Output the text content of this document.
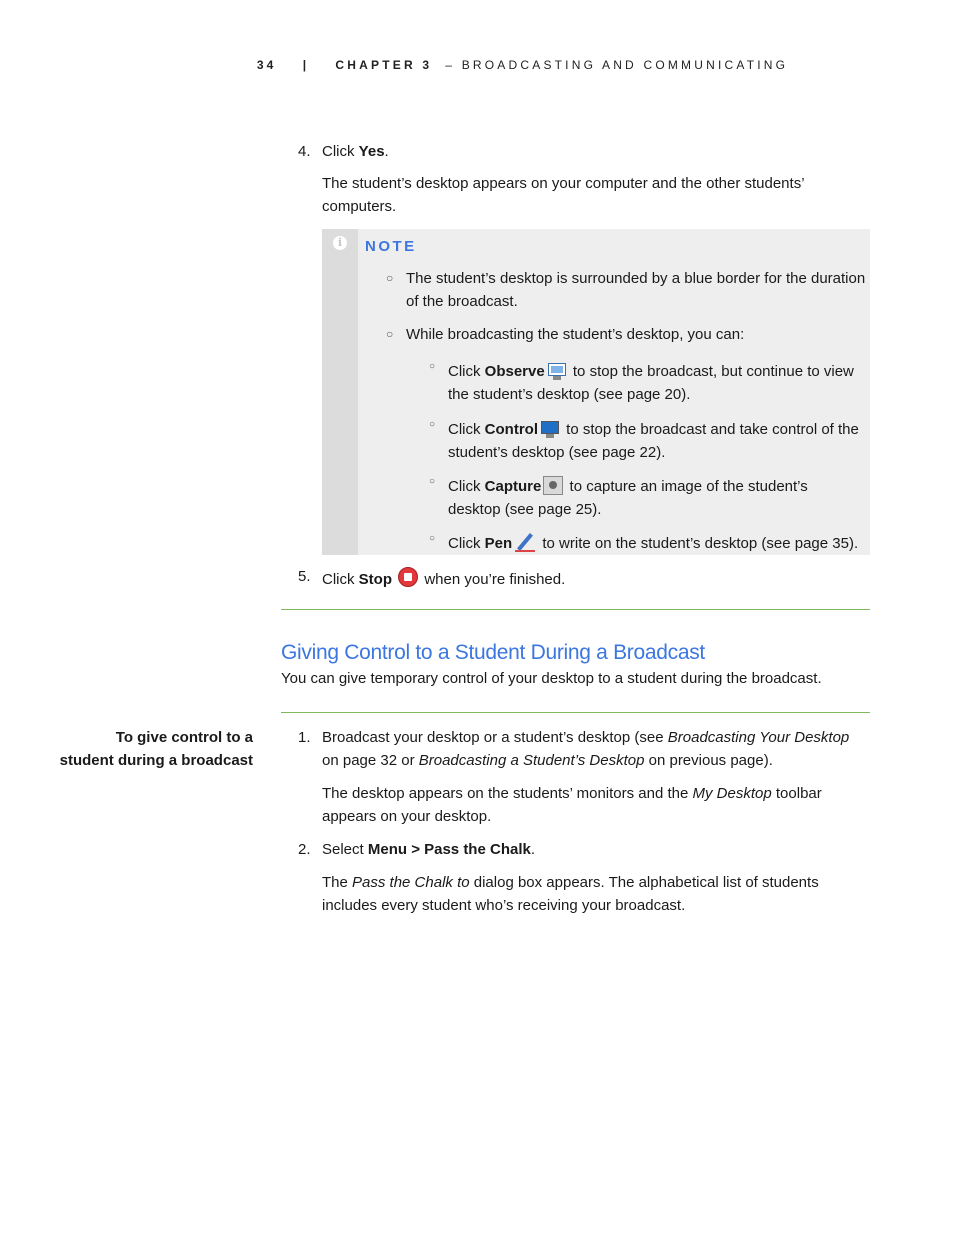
34 | CHAPTER 3 – BROADCASTING AND COMMUNICATING
4. Click Yes.
The student’s desktop appears on your computer and the other students’
computers.
i	NOTE
○ The student’s desktop is surrounded by a blue border for the duration
of the broadcast.
○ While broadcasting the student’s desktop, you can:
○ Click Observe
to stop the broadcast, but continue to view
the student’s desktop (see page 20).
○ Click Control
to stop the broadcast and take control of the
student’s desktop (see page 22).
○ Click Capture to capture an image of the student’s
desktop (see page 25).
○ Click Pen to write on the student’s desktop (see page 35).
5. Click Stop  when you’re finished.
Giving Control to a Student During a Broadcast
You can give temporary control of your desktop to a student during the broadcast.
To give control to a
student during a broadcast
1. Broadcast your desktop or a student’s desktop (see Broadcasting Your Desktop
on page 32 or Broadcasting a Student’s Desktop on previous page).
The desktop appears on the students’ monitors and the My Desktop toolbar
appears on your desktop.
2. Select Menu > Pass the Chalk.
The Pass the Chalk to dialog box appears. The alphabetical list of students
includes every student who’s receiving your broadcast.
